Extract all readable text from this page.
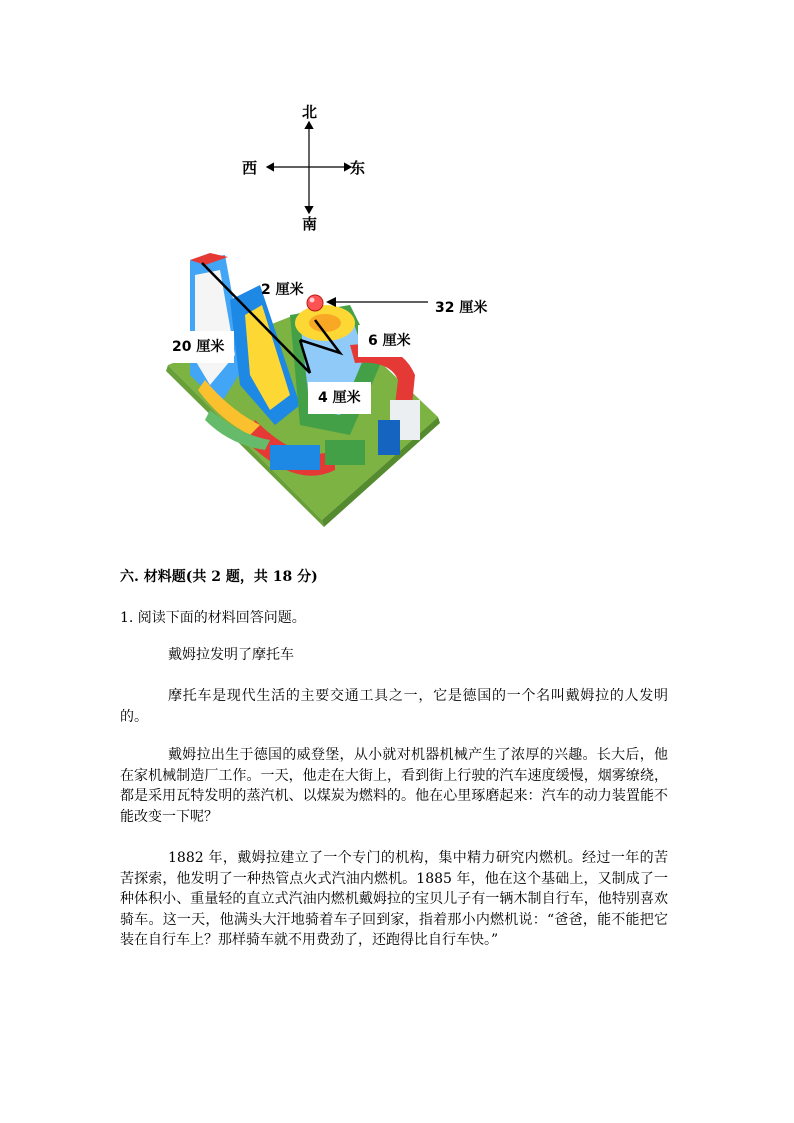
北
南
西	东
2 厘米
32 厘米
6 厘米
20 厘米
4 厘米
六. 材料题(共 2 题，共 18 分)
1. 阅读下面的材料回答问题。
戴姆拉发明了摩托车
摩托车是现代生活的主要交通工具之一，它是德国的一个名叫戴姆拉的人发明的。
戴姆拉出生于德国的威登堡，从小就对机器机械产生了浓厚的兴趣。长大后，他在家机械制造厂工作。一天，他走在大街上，看到街上行驶的汽车速度缓慢，烟雾缭绕，都是采用瓦特发明的蒸汽机、以煤炭为燃料的。他在心里琢磨起来：汽车的动力装置能不能改变一下呢？
1882 年，戴姆拉建立了一个专门的机构，集中精力研究内燃机。经过一年的苦苦探索，他发明了一种热管点火式汽油内燃机。1885 年，他在这个基础上，又制成了一种体积小、重量轻的直立式汽油内燃机戴姆拉的宝贝儿子有一辆木制自行车，他特别喜欢骑车。这一天，他满头大汗地骑着车子回到家，指着那小内燃机说：“爸爸，能不能把它装在自行车上？那样骑车就不用费劲了，还跑得比自行车快。”
